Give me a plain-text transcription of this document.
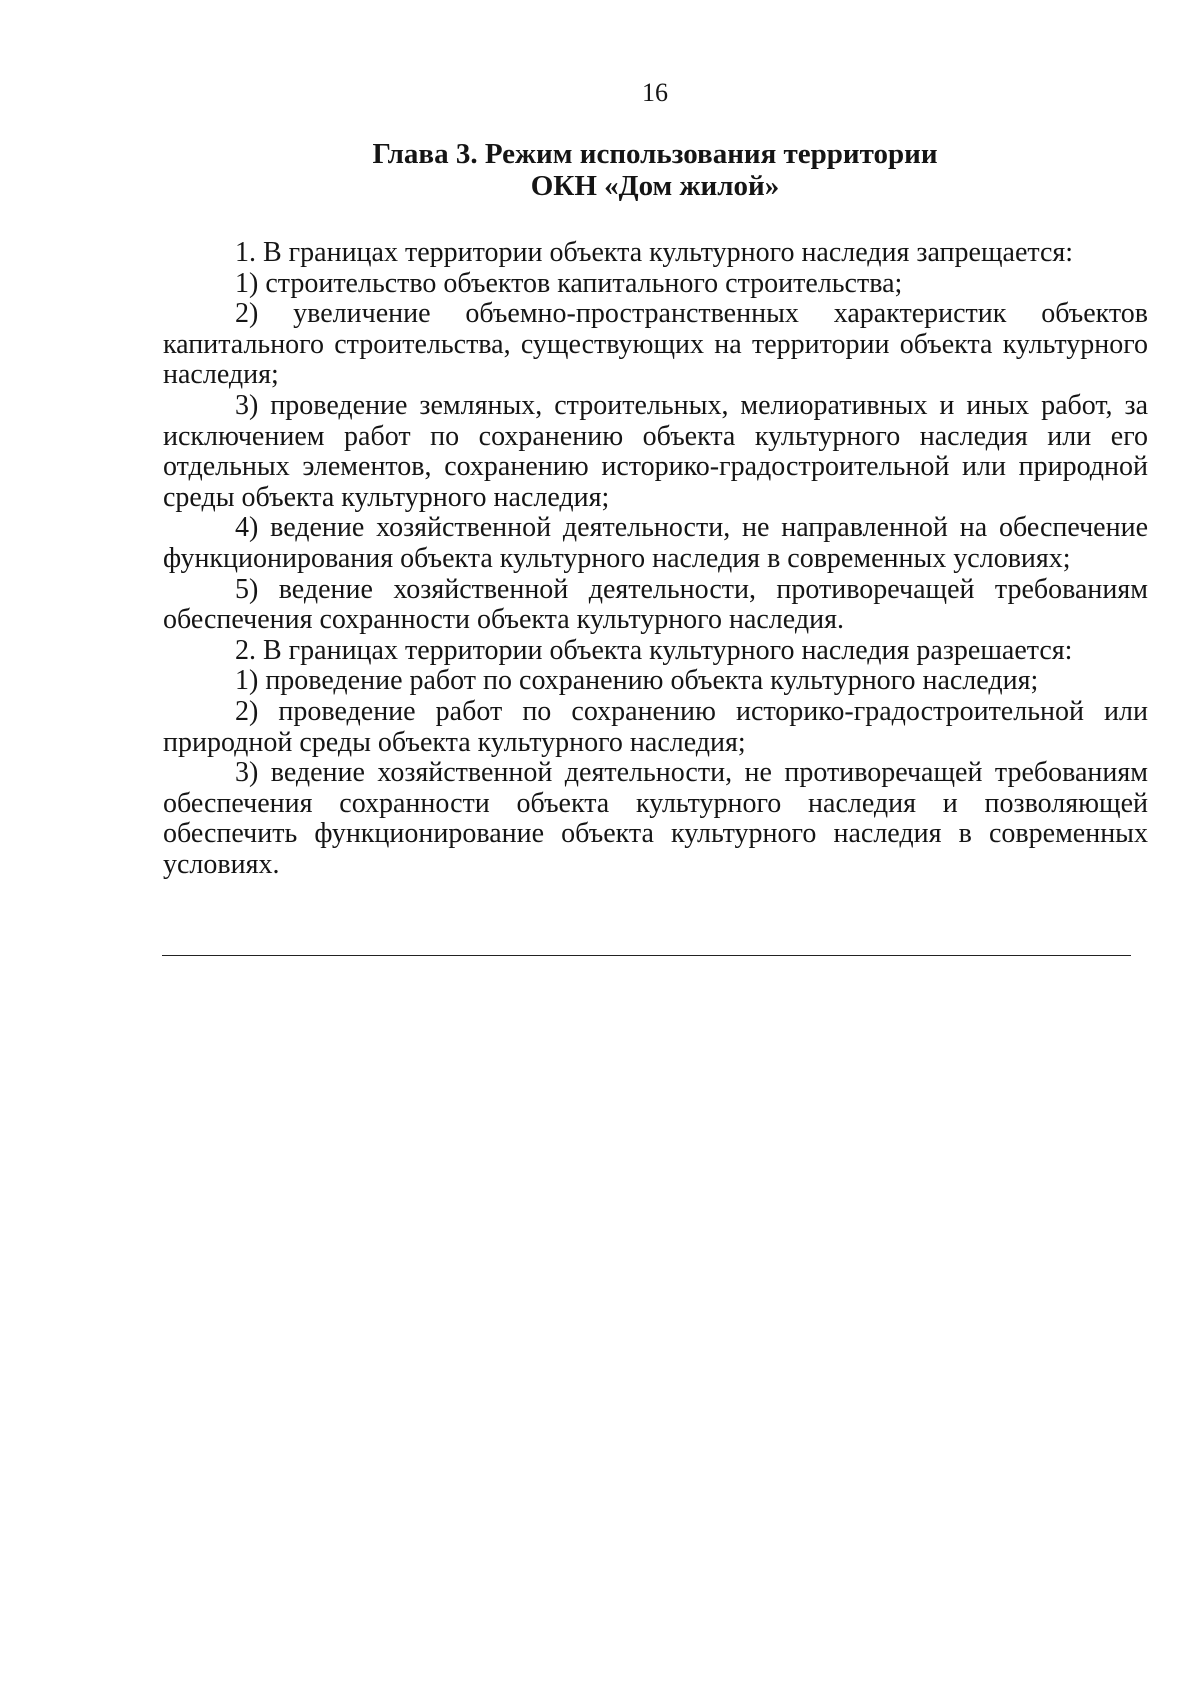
16
Глава 3. Режим использования территории
ОКН «Дом жилой»

1. В границах территории объекта культурного наследия запрещается:

1) строительство объектов капитального строительства;

2) увеличение объемно-пространственных характеристик объектов капитального строительства, существующих на территории объекта культурного наследия;

3) проведение земляных, строительных, мелиоративных и иных работ, за исключением работ по сохранению объекта культурного наследия или его отдельных элементов, сохранению историко-градостроительной или природной среды объекта культурного наследия;

4) ведение хозяйственной деятельности, не направленной на обеспечение функционирования объекта культурного наследия в современных условиях;

5) ведение хозяйственной деятельности, противоречащей требованиям обеспечения сохранности объекта культурного наследия.

2. В границах территории объекта культурного наследия разрешается:

1) проведение работ по сохранению объекта культурного наследия;

2) проведение работ по сохранению историко-градостроительной или природной среды объекта культурного наследия;

3) ведение хозяйственной деятельности, не противоречащей требованиям обеспечения сохранности объекта культурного наследия и позволяющей обеспечить функционирование объекта культурного наследия в современных условиях.
